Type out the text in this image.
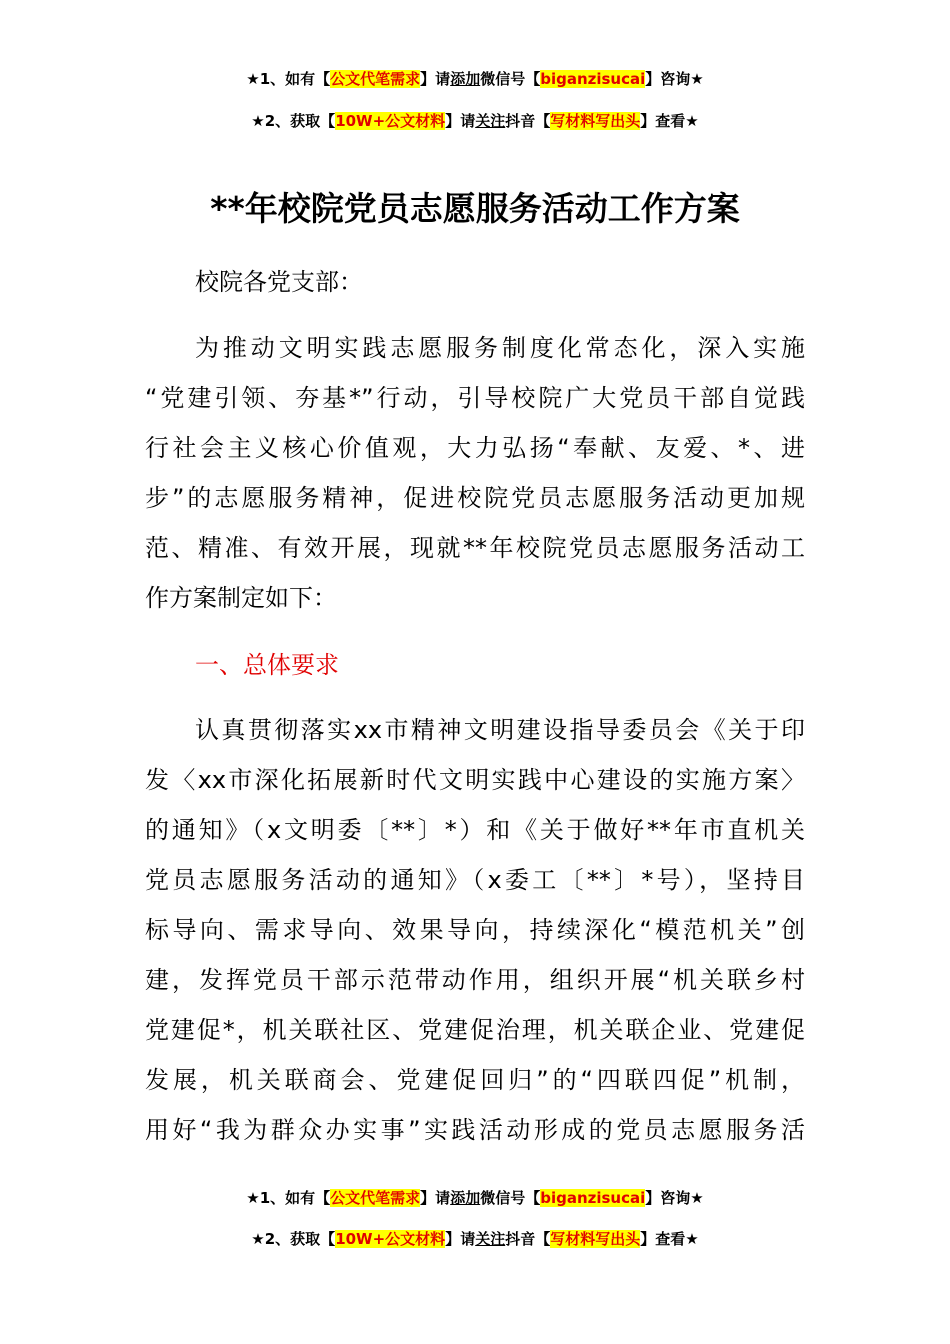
★1、如有【公文代笔需求】请添加微信号【biganzisucai】咨询★
★2、获取【10W+公文材料】请关注抖音【写材料写出头】查看★
**年校院党员志愿服务活动工作方案

校院各党支部：

为推动文明实践志愿服务制度化常态化，深入实施

“党建引领、夯基*”行动，引导校院广大党员干部自觉践

行社会主义核心价值观，大力弘扬“奉献、友爱、*、进

步”的志愿服务精神，促进校院党员志愿服务活动更加规

范、精准、有效开展，现就**年校院党员志愿服务活动工

作方案制定如下：

一、总体要求

认真贯彻落实xx市精神文明建设指导委员会《关于印

发〈xx市深化拓展新时代文明实践中心建设的实施方案〉

的通知》（x文明委〔**〕*）和《关于做好**年市直机关

党员志愿服务活动的通知》（x委工〔**〕*号），坚持目

标导向、需求导向、效果导向，持续深化“模范机关”创

建，发挥党员干部示范带动作用，组织开展“机关联乡村

党建促*，机关联社区、党建促治理，机关联企业、党建促

发展，机关联商会、党建促回归”的“四联四促”机制，

用好“我为群众办实事”实践活动形成的党员志愿服务活

★1、如有【公文代笔需求】请添加微信号【biganzisucai】咨询★
★2、获取【10W+公文材料】请关注抖音【写材料写出头】查看★
